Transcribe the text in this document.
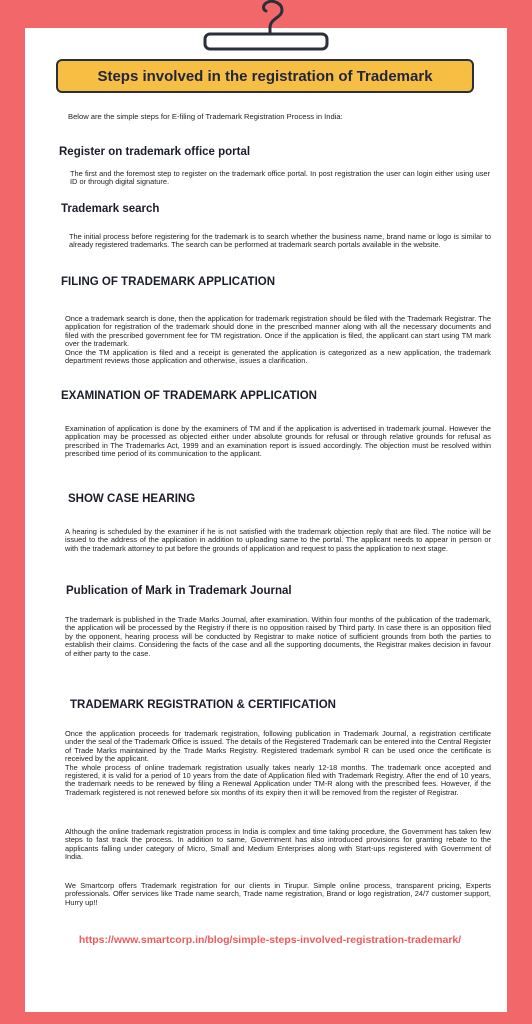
Steps involved in the registration of Trademark
Below are the simple steps for E-filing of Trademark Registration Process in India:
Register on trademark office portal

The first and the foremost step to register on the trademark office portal. In post registration the user can login either using user ID or through digital signature.

Trademark search

The initial process before registering for the trademark is to search whether the business name, brand name or logo is similar to already registered trademarks. The search can be performed at trademark search portals available in the website.

FILING OF TRADEMARK APPLICATION

Once a trademark search is done, then the application for trademark registration should be filed with the Trademark Registrar. The application for registration of the trademark should done in the prescribed manner along with all the necessary documents and filed with the prescribed government fee for TM registration. Once if the application is filed, the applicant can start using TM mark over the trademark.

Once the TM application is filed and a receipt is generated the application is categorized as a new application, the trademark department reviews those application and otherwise, issues a clarification.

EXAMINATION OF TRADEMARK APPLICATION

Examination of application is done by the examiners of TM and if the application is advertised in trademark journal. However the application may be processed as objected either under absolute grounds for refusal or through relative grounds for refusal as prescribed in The Trademarks Act, 1999 and an examination report is issued accordingly. The objection must be resolved within prescribed time period of its communication to the applicant.

SHOW CASE HEARING

A hearing is scheduled by the examiner if he is not satisfied with the trademark objection reply that are filed. The notice will be issued to the address of the application in addition to uploading same to the portal. The applicant needs to appear in person or with the trademark attorney to put before the grounds of application and request to pass the application to next stage.

Publication of Mark in Trademark Journal

The trademark is published in the Trade Marks Journal, after examination. Within four months of the publication of the trademark, the application will be processed by the Registry if there is no opposition raised by Third party. In case there is an opposition filed by the opponent, hearing process will be conducted by Registrar to make notice of sufficient grounds from both the parties to establish their claims. Considering the facts of the case and all the supporting documents, the Registrar makes decision in favour of either party to the case.

TRADEMARK REGISTRATION & CERTIFICATION

Once the application proceeds for trademark registration, following publication in Trademark Journal, a registration certificate under the seal of the Trademark Office is issued. The details of the Registered Trademark can be entered into the Central Register of Trade Marks maintained by the Trade Marks Registry. Registered trademark symbol R can be used once the certificate is received by the applicant.

The whole process of online trademark registration usually takes nearly 12-18 months. The trademark once accepted and registered, it is valid for a period of 10 years from the date of Application filed with Trademark Registry. After the end of 10 years, the trademark needs to be renewed by filing a Renewal Application under TM-R along with the prescribed fees. However, if the Trademark registered is not renewed before six months of its expiry then it will be removed from the register of Registrar.

Although the online trademark registration process in India is complex and time taking procedure, the Government has taken few steps to fast track the process. In addition to same, Government has also introduced provisions for granting rebate to the applicants falling under category of Micro, Small and Medium Enterprises along with Start-ups registered with Government of India.

We Smartcorp offers Trademark registration for our clients in Tirupur. Simple online process, transparent pricing, Experts professionals. Offer services like Trade name search, Trade name registration, Brand or logo registration, 24/7 customer support, Hurry up!!

https://www.smartcorp.in/blog/simple-steps-involved-registration-trademark/
